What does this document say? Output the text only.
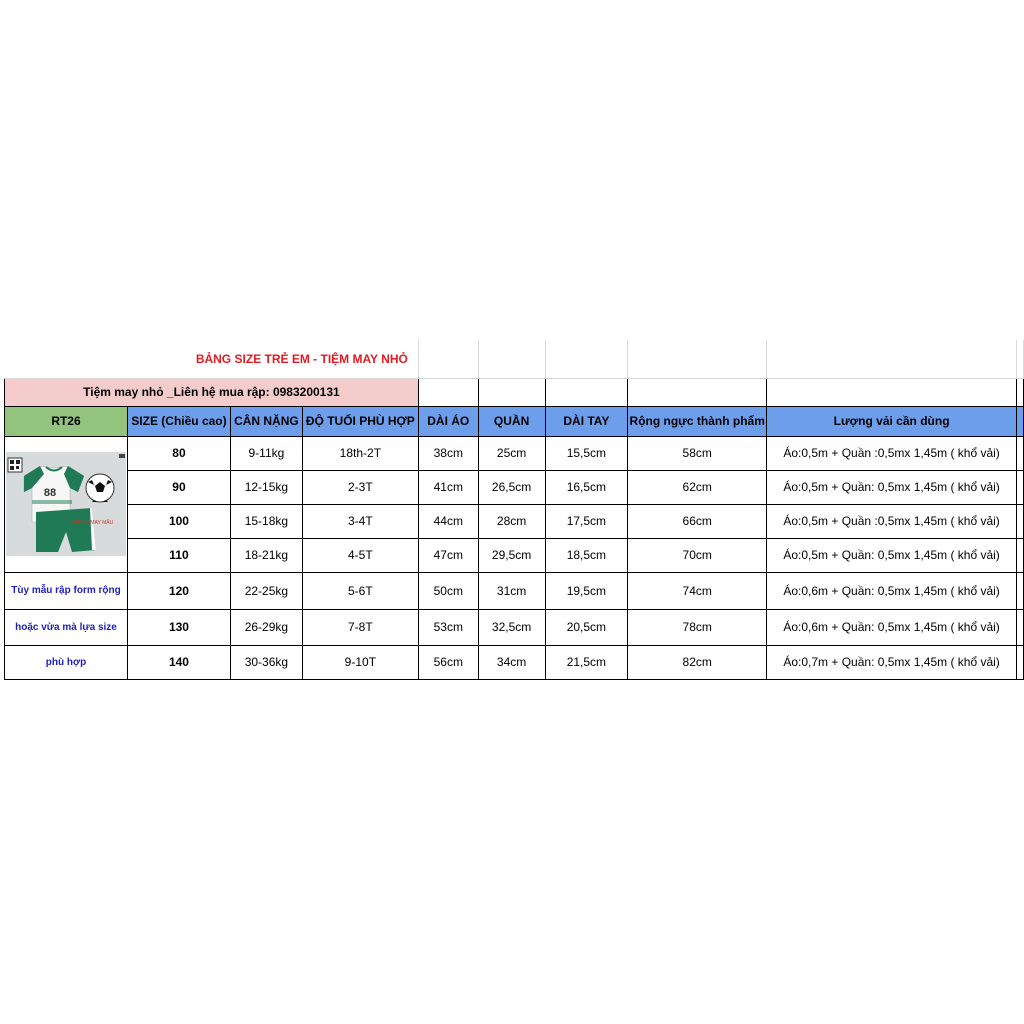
BẢNG SIZE TRẺ EM - TIỆM MAY NHỎ									
Tiệm may nhỏ _Liên hệ mua rập: 0983200131									
RT26	SIZE (Chiều cao)	CÂN NẶNG	ĐỘ TUỔI PHÙ HỢP	DÀI ÁO	QUẦN	DÀI TAY	Rộng ngực thành phẩm	Lượng vải cần dùng	

88
RẬP DA MAY MẪU	80	9-11kg	18th-2T	38cm	25cm	15,5cm	58cm	Áo:0,5m + Quần :0,5mx 1,45m ( khổ vải)	
	90	12-15kg	2-3T	41cm	26,5cm	16,5cm	62cm	Áo:0,5m + Quần: 0,5mx 1,45m ( khổ vải)	
	100	15-18kg	3-4T	44cm	28cm	17,5cm	66cm	Áo:0,5m + Quần :0,5mx 1,45m ( khổ vải)	
	110	18-21kg	4-5T	47cm	29,5cm	18,5cm	70cm	Áo:0,5m + Quần: 0,5mx 1,45m ( khổ vải)	
Tùy mẫu rập form rộng	120	22-25kg	5-6T	50cm	31cm	19,5cm	74cm	Áo:0,6m + Quần: 0,5mx 1,45m ( khổ vải)	
hoặc vừa mà lựa size	130	26-29kg	7-8T	53cm	32,5cm	20,5cm	78cm	Áo:0,6m + Quần: 0,5mx 1,45m ( khổ vải)	
phù hợp	140	30-36kg	9-10T	56cm	34cm	21,5cm	82cm	Áo:0,7m + Quần: 0,5mx 1,45m ( khổ vải)	
